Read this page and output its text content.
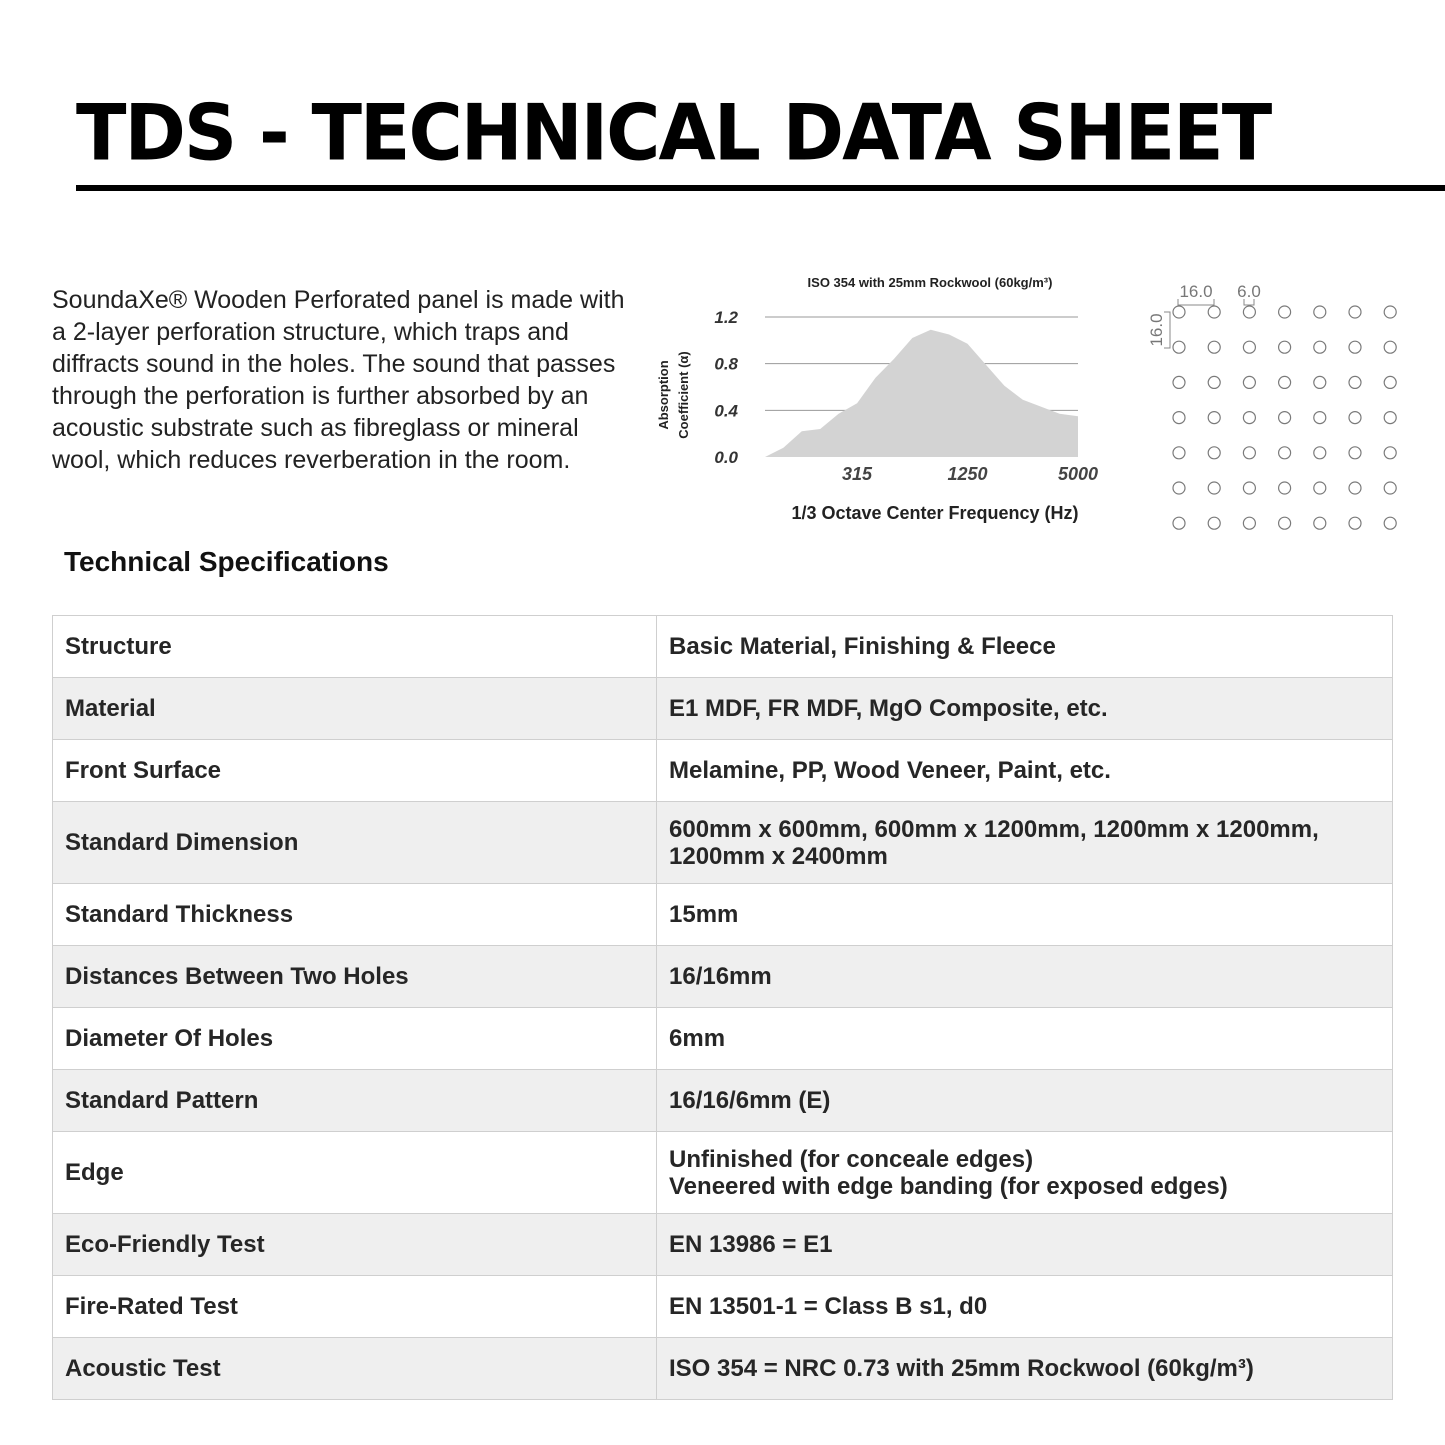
TDS - TECHNICAL DATA SHEET

SoundaXe® Wooden Perforated panel is made with a 2-layer perforation structure, which traps and diffracts sound in the holes. The sound that passes through the perforation is further absorbed by an acoustic substrate such as fibreglass or mineral wool, which reduces reverberation in the room.

ISO 354 with 25mm Rockwool (60kg/m³)
1.2
0.8
0.4
0.0
315	1250	5000
Absorption Coefficient (α)
1/3 Octave Center Frequency (Hz)
16.0 6.0
16.0
Technical Specifications
Structure	Basic Material, Finishing & Fleece

Material	E1 MDF, FR MDF, MgO Composite, etc.

Front Surface	Melamine, PP, Wood Veneer, Paint, etc.

Standard Dimension	600mm x 600mm, 600mm x 1200mm, 1200mm x 1200mm,
1200mm x 2400mm

Standard Thickness	15mm

Distances Between Two Holes	16/16mm

Diameter Of Holes	6mm

Standard Pattern	16/16/6mm (E)

Edge	Unfinished (for conceale edges)
Veneered with edge banding (for exposed edges)

Eco-Friendly Test	EN 13986 = E1

Fire-Rated Test	EN 13501-1 = Class B s1, d0

Acoustic Test	ISO 354 = NRC 0.73 with 25mm Rockwool (60kg/m³)
